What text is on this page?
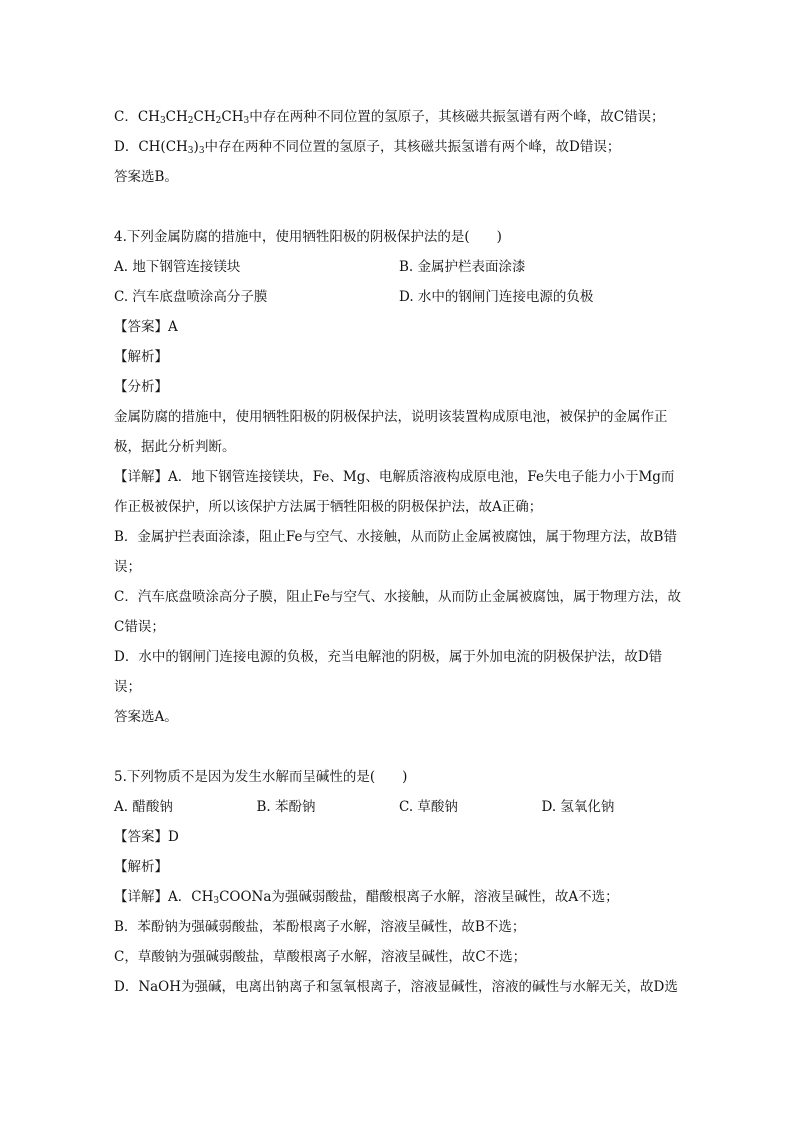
C．$CH_3CH_2CH_2CH_3$中存在两种不同位置的氢原子，其核磁共振氢谱有两个峰，故C错误；
D．$CH(CH_3)_3$中存在两种不同位置的氢原子，其核磁共振氢谱有两个峰，故D错误；
答案选B。
4.下列金属防腐的措施中，使用牺牲阳极的阴极保护法的是(　　)
A. 地下钢管连接镁块	B. 金属护栏表面涂漆
C. 汽车底盘喷涂高分子膜	D. 水中的钢闸门连接电源的负极
【答案】A
【解析】
【分析】
金属防腐的措施中，使用牺牲阳极的阴极保护法，说明该装置构成原电池，被保护的金属作正极，据此分析判断。
【详解】A．地下钢管连接镁块，Fe、Mg、电解质溶液构成原电池，Fe失电子能力小于Mg而作正极被保护，所以该保护方法属于牺牲阳极的阴极保护法，故A正确；
B．金属护拦表面涂漆，阻止Fe与空气、水接触，从而防止金属被腐蚀，属于物理方法，故B错误；
C．汽车底盘喷涂高分子膜，阻止Fe与空气、水接触，从而防止金属被腐蚀，属于物理方法，故C错误；
D．水中的钢闸门连接电源的负极，充当电解池的阴极，属于外加电流的阴极保护法，故D错误；
答案选A。
5.下列物质不是因为发生水解而呈碱性的是(　　)
A. 醋酸钠	B. 苯酚钠	C. 草酸钠	D. 氢氧化钠
【答案】D
【解析】
【详解】A．$CH_3COONa$为强碱弱酸盐，醋酸根离子水解，溶液呈碱性，故A不选；
B．苯酚钠为强碱弱酸盐，苯酚根离子水解，溶液呈碱性，故B不选；
C，草酸钠为强碱弱酸盐，草酸根离子水解，溶液呈碱性，故C不选；
D．NaOH为强碱，电离出钠离子和氢氧根离子，溶液显碱性，溶液的碱性与水解无关，故D选
